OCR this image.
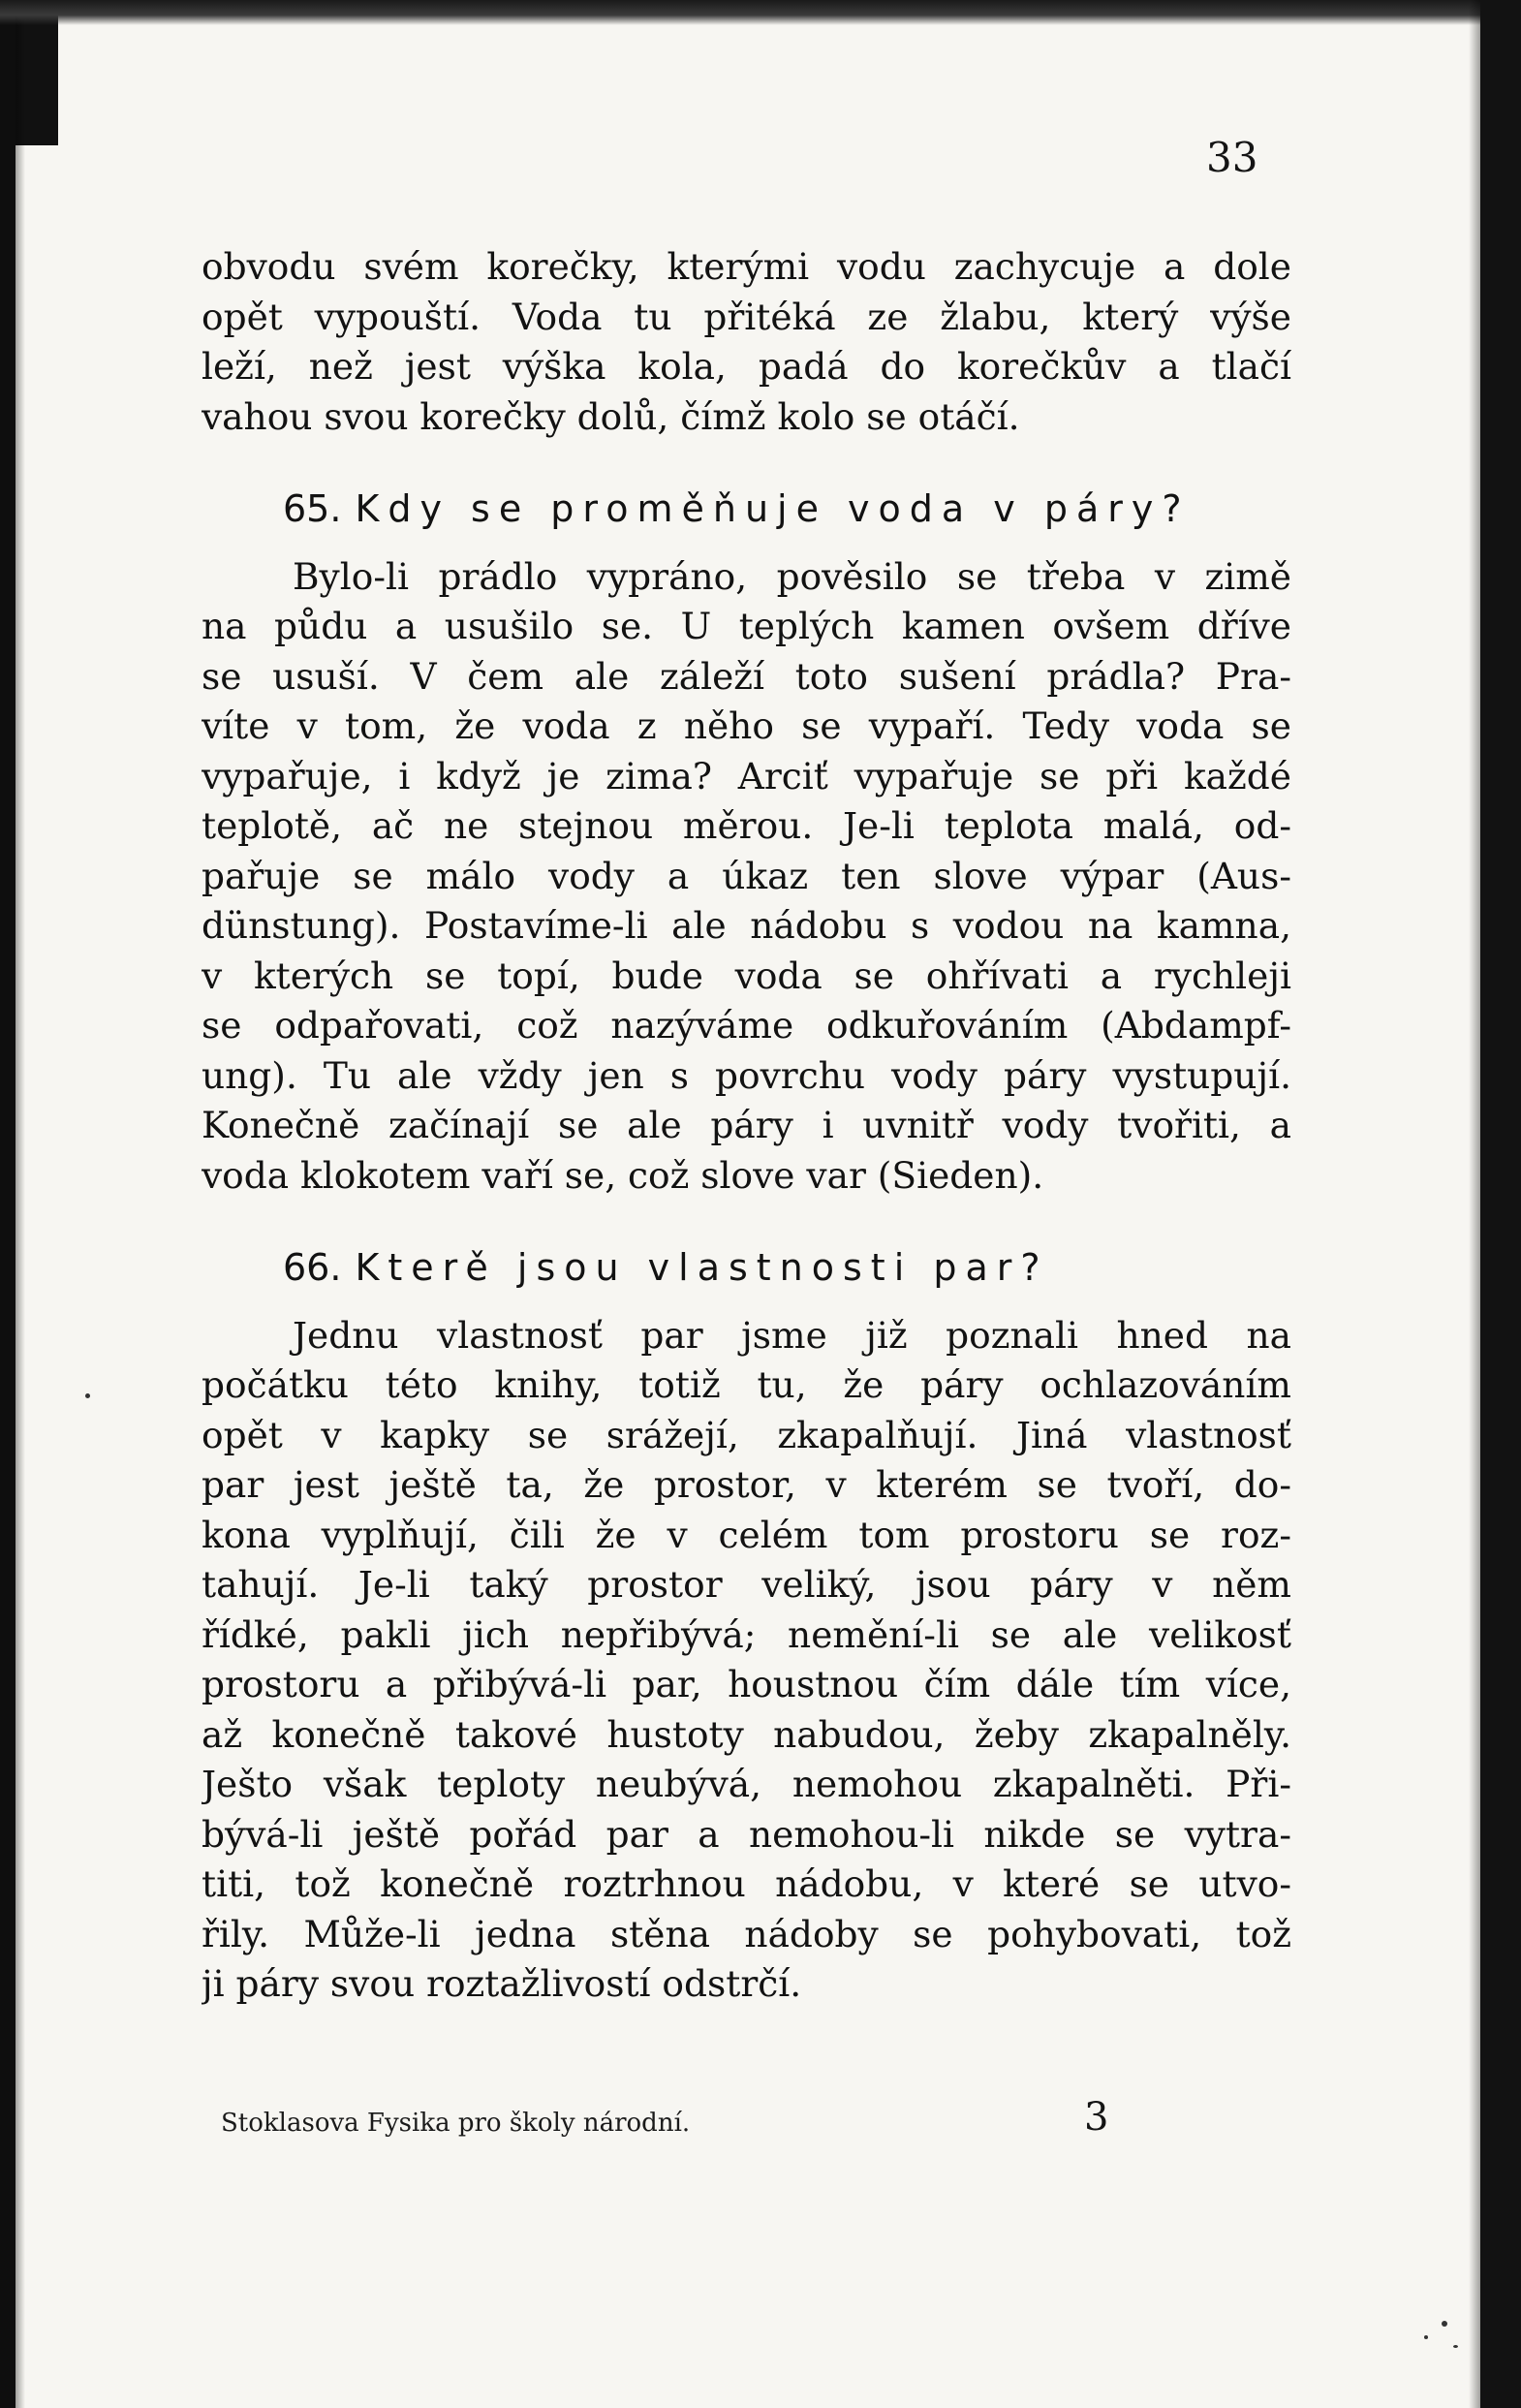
33
obvodu svém korečky, kterými vodu zachycuje a dole
opět vypouští. Voda tu přitéká ze žlabu, který výše
leží, než jest výška kola, padá do korečkův a tlačí
vahou svou korečky dolů, čímž kolo se otáčí.
65. Kdy se proměňuje voda v páry?
Bylo-li prádlo vypráno, pověsilo se třeba v zimě
na půdu a usušilo se. U teplých kamen ovšem dříve
se usuší. V čem ale záleží toto sušení prádla? Pra-
víte v tom, že voda z něho se vypaří. Tedy voda se
vypařuje, i když je zima? Arciť vypařuje se při každé
teplotě, ač ne stejnou měrou. Je-li teplota malá, od-
pařuje se málo vody a úkaz ten slove výpar (Aus-
dünstung). Postavíme-li ale nádobu s vodou na kamna,
v kterých se topí, bude voda se ohřívati a rychleji
se odpařovati, což nazýváme odkuřováním (Abdampf-
ung). Tu ale vždy jen s povrchu vody páry vystupují.
Konečně začínají se ale páry i uvnitř vody tvořiti, a
voda klokotem vaří se, což slove var (Sieden).
66. Kterě jsou vlastnosti par?
Jednu vlastnosť par jsme již poznali hned na
počátku této knihy, totiž tu, že páry ochlazováním
opět v kapky se srážejí, zkapalňují. Jiná vlastnosť
par jest ještě ta, že prostor, v kterém se tvoří, do-
kona vyplňují, čili že v celém tom prostoru se roz-
tahují. Je-li taký prostor veliký, jsou páry v něm
řídké, pakli jich nepřibývá; nemění-li se ale velikosť
prostoru a přibývá-li par, houstnou čím dále tím více,
až konečně takové hustoty nabudou, žeby zkapalněly.
Ješto však teploty neubývá, nemohou zkapalněti. Při-
bývá-li ještě pořád par a nemohou-li nikde se vytra-
titi, tož konečně roztrhnou nádobu, v které se utvo-
řily. Může-li jedna stěna nádoby se pohybovati, tož
ji páry svou roztažlivostí odstrčí.
Stoklasova Fysika pro školy národní.	3
